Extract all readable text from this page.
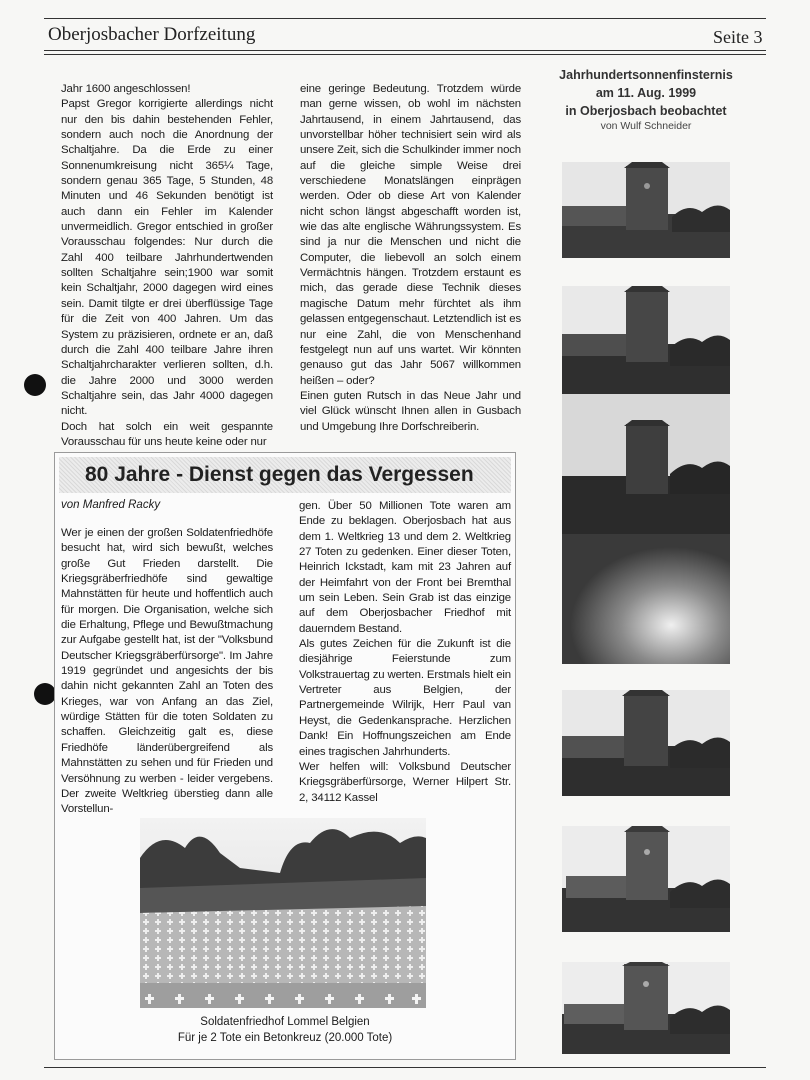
Oberjosbacher Dorfzeitung	Seite 3

Jahr 1600 angeschlossen!

Papst Gregor korrigierte allerdings nicht nur den bis dahin bestehenden Fehler, sondern auch noch die Anordnung der Schaltjahre. Da die Erde zu einer Sonnenumkreisung nicht 365¼ Tage, sondern genau 365 Tage, 5 Stunden, 48 Minuten und 46 Sekunden benötigt ist auch dann ein Fehler im Kalender unvermeidlich. Gregor entschied in großer Vorausschau folgendes: Nur durch die Zahl 400 teilbare Jahrhundertwenden sollten Schaltjahre sein;1900 war somit kein Schaltjahr, 2000 dagegen wird eines sein. Damit tilgte er drei überflüssige Tage für die Zeit von 400 Jahren. Um das System zu präzisieren, ordnete er an, daß durch die Zahl 400 teilbare Jahre ihren Schaltjahrcharakter verlieren sollten, d.h. die Jahre 2000 und 3000 werden Schaltjahre sein, das Jahr 4000 dagegen nicht.

Doch hat solch ein weit gespannte Vorausschau für uns heute keine oder nur

eine geringe Bedeutung. Trotzdem würde man gerne wissen, ob wohl im nächsten Jahrtausend, in einem Jahrtausend, das unvorstellbar höher technisiert sein wird als unsere Zeit, sich die Schulkinder immer noch auf die gleiche simple Weise drei verschiedene Monatslängen einprägen werden. Oder ob diese Art von Kalender nicht schon längst abgeschafft worden ist, wie das alte englische Währungssystem. Es sind ja nur die Menschen und nicht die Computer, die liebevoll an solch einem Vermächtnis hängen. Trotzdem erstaunt es mich, das gerade diese Technik dieses magische Datum mehr fürchtet als ihm gelassen entgegenschaut. Letztendlich ist es nur eine Zahl, die von Menschenhand festgelegt nun auf uns wartet. Wir könnten genauso gut das Jahr 5067 willkommen heißen – oder?

Einen guten Rutsch in das Neue Jahr und viel Glück wünscht Ihnen allen in Gusbach und Umgebung Ihre Dorfschreiberin.

80 Jahre - Dienst gegen das Vergessen
von Manfred Racky

Wer je einen der großen Soldatenfriedhöfe besucht hat, wird sich bewußt, welches große Gut Frieden darstellt. Die Kriegsgräberfriedhöfe sind gewaltige Mahnstätten für heute und hoffentlich auch für morgen. Die Organisation, welche sich die Erhaltung, Pflege und Bewußtmachung zur Aufgabe gestellt hat, ist der "Volksbund Deutscher Kriegsgräberfürsorge". Im Jahre 1919 gegründet und angesichts der bis dahin nicht gekannten Zahl an Toten des Krieges, war von Anfang an das Ziel, würdige Stätten für die toten Soldaten zu schaffen. Gleichzeitig galt es, diese Friedhöfe länderübergreifend als Mahnstätten zu sehen und für Frieden und Versöhnung zu werben - leider vergebens. Der zweite Weltkrieg überstieg dann alle Vorstellun-

gen. Über 50 Millionen Tote waren am Ende zu beklagen. Oberjosbach hat aus dem 1. Weltkrieg 13 und dem 2. Weltkrieg 27 Toten zu gedenken. Einer dieser Toten, Heinrich Ickstadt, kam mit 23 Jahren auf der Heimfahrt von der Front bei Bremthal um sein Leben. Sein Grab ist das einzige auf dem Oberjosbacher Friedhof mit dauerndem Bestand.

Als gutes Zeichen für die Zukunft ist die diesjährige Feierstunde zum Volkstrauertag zu werten. Erstmals hielt ein Vertreter aus Belgien, der Partnergemeinde Wilrijk, Herr Paul van Heyst, die Gedenkansprache. Herzlichen Dank! Ein Hoffnungszeichen am Ende eines tragischen Jahrhunderts.

Wer helfen will: Volksbund Deutscher Kriegsgräberfürsorge, Werner Hilpert Str. 2, 34112 Kassel

Soldatenfriedhof Lommel Belgien
Für je 2 Tote ein Betonkreuz (20.000 Tote)
Jahrhundertsonnenfinsternis
am 11. Aug. 1999
in Oberjosbach beobachtet
von Wulf Schneider
